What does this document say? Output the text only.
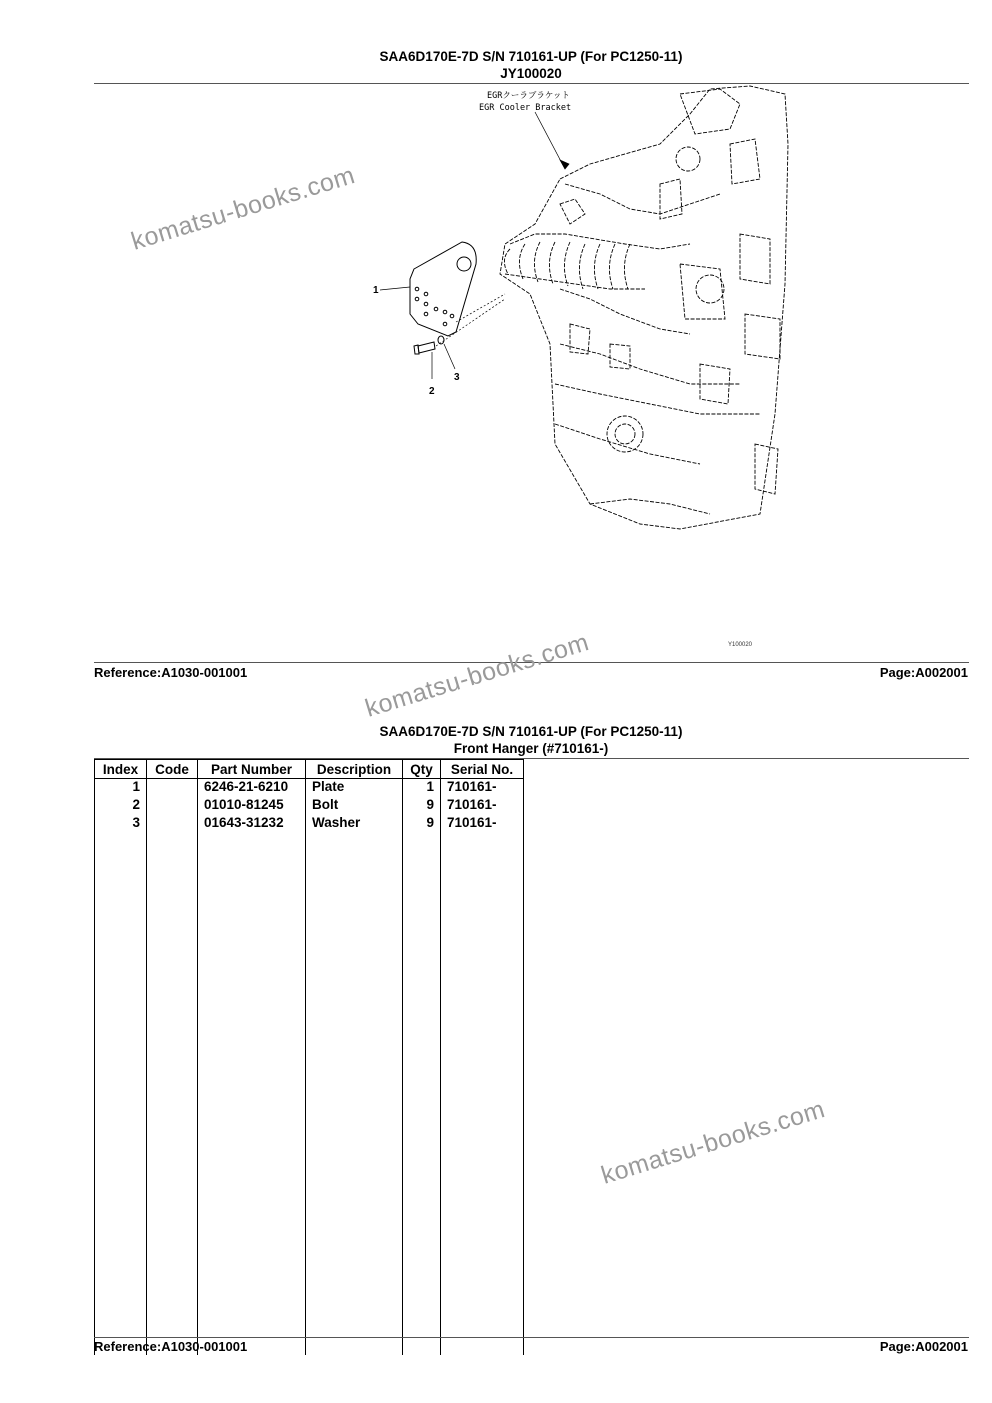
SAA6D170E-7D S/N 710161-UP (For PC1250-11)
JY100020
EGRクーラブラケット
EGR Cooler Bracket
1
2
3
Y100020
Reference:A1030-001001	Page:A002001
SAA6D170E-7D S/N 710161-UP (For PC1250-11)
Front Hanger (#710161-)
Index	Code	Part Number	Description	Qty	Serial No.
1		6246-21-6210	Plate	1	710161-
2		01010-81245	Bolt	9	710161-
3		01643-31232	Washer	9	710161-

Reference:A1030-001001	Page:A002001
komatsu-books.com
komatsu-books.com
komatsu-books.com
